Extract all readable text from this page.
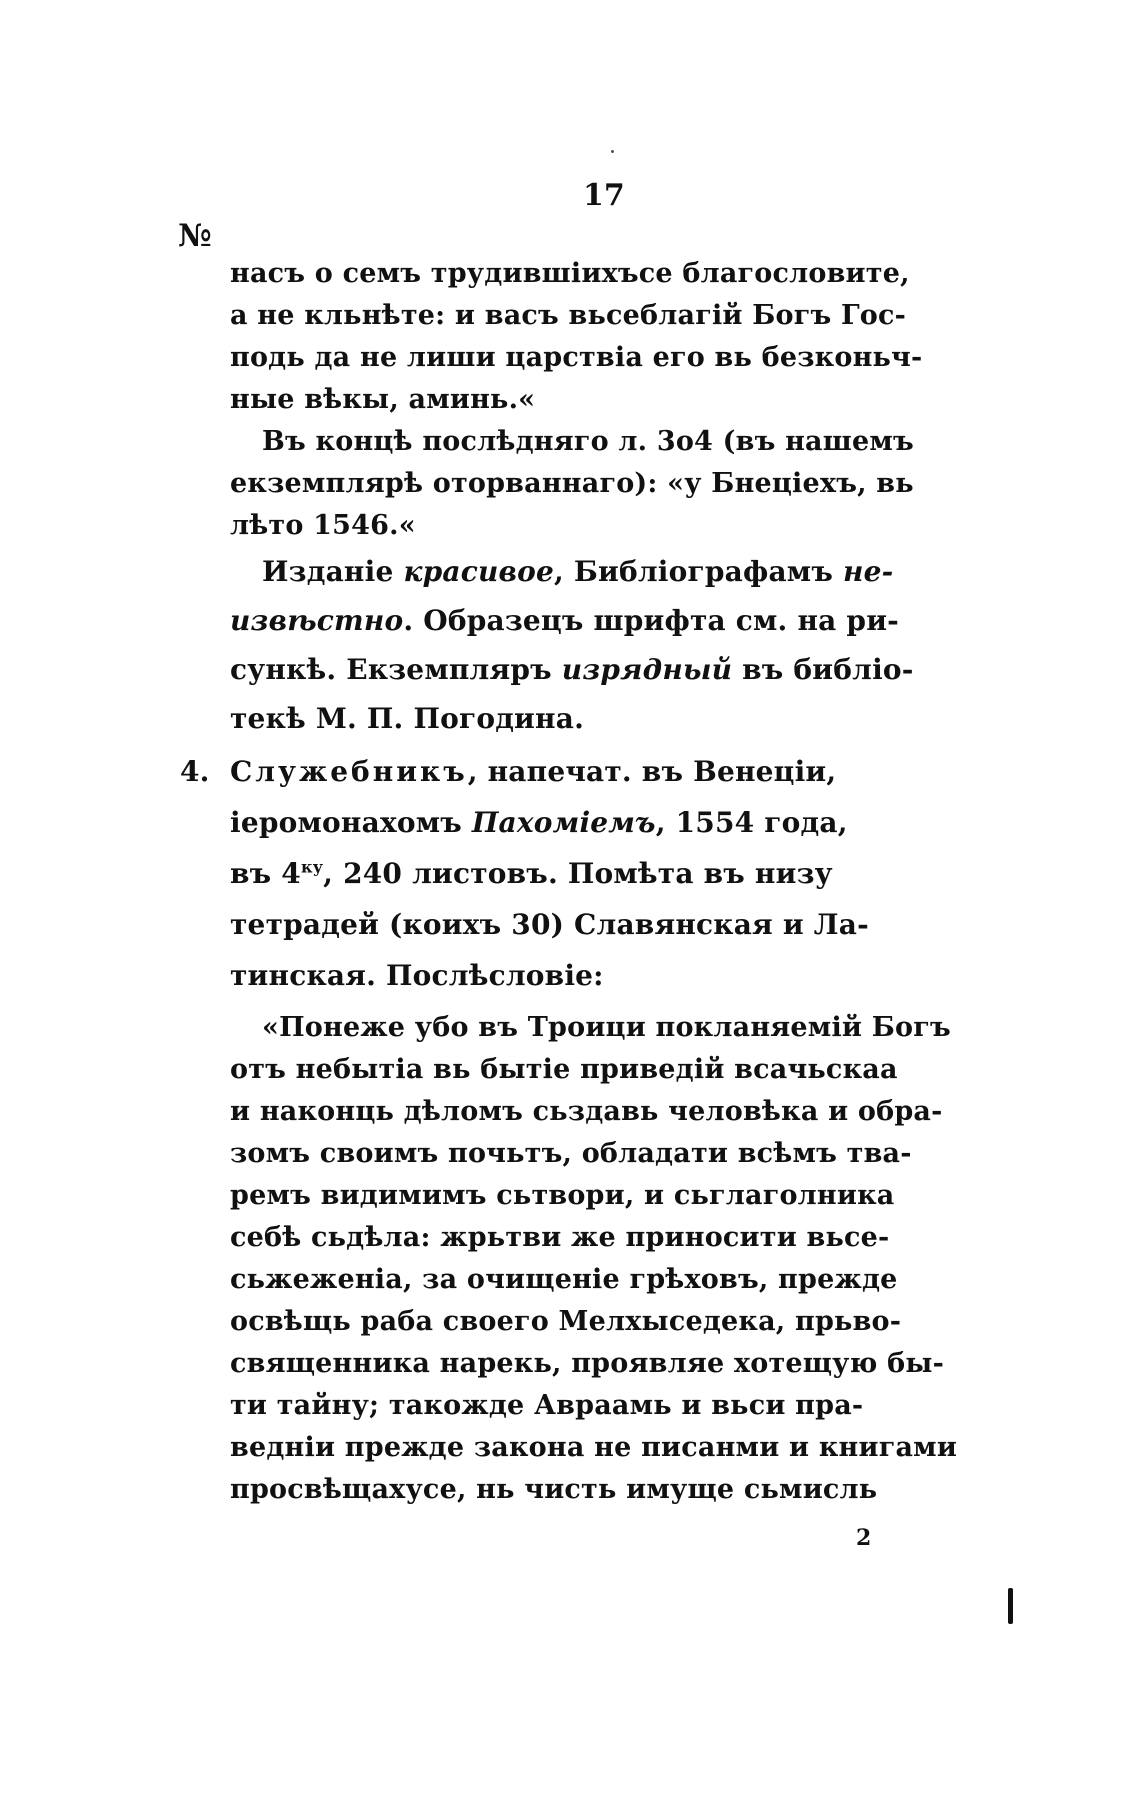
17
№
насъ о семъ трудившiихъсе благословите,
а не кльнѣте: и васъ вьсеблагiй Богъ Гос-
подь да не лиши царствiа его вь безконьч-
ные вѣкы, аминь.«
Въ концѣ послѣдняго л. 3о4 (въ нашемъ
екземплярѣ оторваннаго): «у Бнецiехъ, вь
лѣто 1546.«
Изданiе красивое, Библiографамъ не-
извѣстно. Образецъ шрифта см. на ри-
сункѣ. Екземпляръ изрядный въ библiо-
текѣ М. П. Погодина.
4. Служебникъ, напечат. въ Венецiи,
iеромонахомъ Пахомiемъ, 1554 года,
въ $4^{ку}$, 240 листовъ. Помѣта въ низу
тетрадей (коихъ 30) Славянская и Ла-
тинская. Послѣсловiе:
«Понеже убо въ Троици покланяемiй Богъ
отъ небытiа вь бытiе приведiй всачьскаа
и наконць дѣломъ сьздавь человѣка и обра-
зомъ своимъ почьтъ, обладати всѣмъ тва-
ремъ видимимъ сьтвори, и сьглаголника
себѣ сьдѣла: жрьтви же приносити вьсе-
сьжеженiа, за очищенiе грѣховъ, прежде
освѣщь раба своего Мелхыседека, прьво-
священника нарекь, проявляе хотещую бы-
ти тайну; такожде Авраамь и вьси пра-
веднiи прежде закона не писанми и книгами
просвѣщахусе, нь чисть имуще сьмисль
2
